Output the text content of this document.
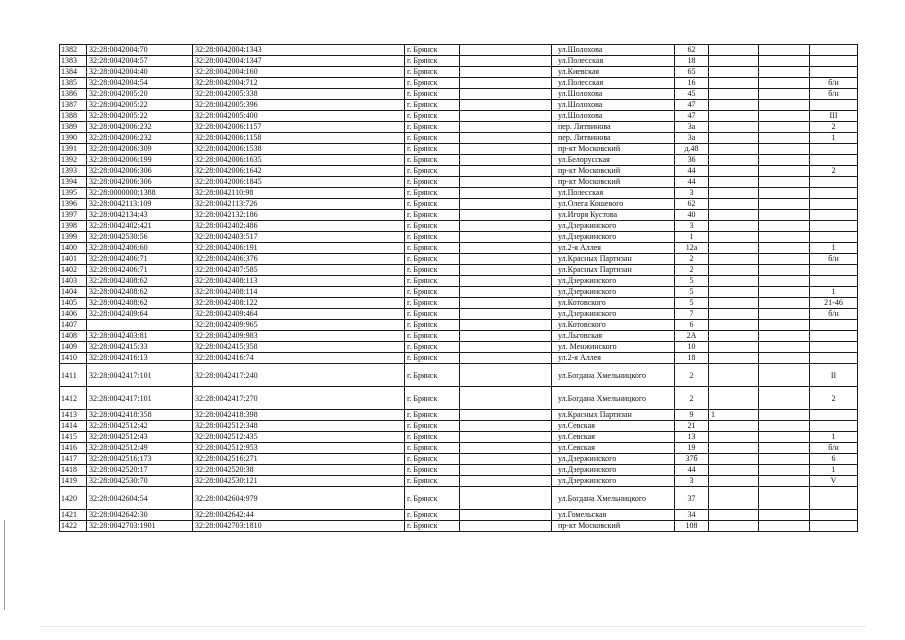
1382	32:28:0042004:70	32:28:0042004:1343	г. Брянск		ул.Шолохова	62			
1383	32:28:0042004:57	32:28:0042004:1347	г. Брянск		ул.Полесская	18			
1384	32:28:0042004:40	32:28:0042004:160	г. Брянск		ул.Киевская	65			
1385	32:28:0042004:54	32:28:0042004:712	г. Брянск		ул.Полесская	16			б/н
1386	32:28:0042005:20	32:28:0042005:338	г. Брянск		ул.Шолохова	45			б/н
1387	32:28:0042005:22	32:28:0042005:396	г. Брянск		ул.Шолохова	47			
1388	32:28:0042005:22	32:28:0042005:400	г. Брянск		ул.Шолохова	47			III
1389	32:28:0042006:232	32:28:0042006:1157	г. Брянск		пер. Литвинова	3а			2
1390	32:28:0042006:232	32:28:0042006:1158	г. Брянск		пер. Литвинова	3а			1
1391	32:28:0042006:309	32:28:0042006:1538	г. Брянск		пр-кт Московский	д.48			
1392	32:28:0042006:199	32:28:0042006:1635	г. Брянск		ул.Белорусская	36			
1393	32:28:0042006:306	32:28:0042006:1642	г. Брянск		пр-кт Московский	44			2
1394	32:28:0042006:306	32:28:0042006:1845	г. Брянск		пр-кт Московский	44			
1395	32:28:0000000:1388	32:28:0042110:98	г. Брянск		ул.Полесская	3			
1396	32:28:0042113:109	32:28:0042113:726	г. Брянск		ул.Олега Кошевого	62			
1397	32:28:0042134:43	32:28:0042132:186	г. Брянск		ул.Игоря Кустова	40			
1398	32:28:0042402:421	32:28:0042402:486	г. Брянск		ул.Дзержинского	3			
1399	32:28:0042530:56	32:28:0042403:517	г. Брянск		ул.Дзержинского	1			
1400	32:28:0042406:60	32:28:0042406:191	г. Брянск		ул.2-я Аллея	12а			1
1401	32:28:0042406:71	32:28:0042406:376	г. Брянск		ул.Красных Партизан	2			б/н
1402	32:28:0042406:71	32:28:0042407:585	г. Брянск		ул.Красных Партизан	2			
1403	32:28:0042408:62	32:28:0042408:113	г. Брянск		ул.Дзержинского	5			
1404	32:28:0042408:62	32:28:0042408:114	г. Брянск		ул.Дзержинского	5			1
1405	32:28:0042408:62	32:28:0042408:122	г. Брянск		ул.Котовского	5			21-46
1406	32:28:0042409:64	32:28:0042409:464	г. Брянск		ул.Дзержинского	7			б/н
1407		32:28:0042409:965	г. Брянск		ул.Котовского	6			
1408	32:28:0042403:81	32:28:0042409:983	г. Брянск		ул.Льговская	2А			
1409	32:28:0042415:33	32:28:0042415:358	г. Брянск		ул. Менжинского	10			
1410	32:28:0042416:13	32:28:0042416:74	г. Брянск		ул.2-я Аллея	18			
1411	32:28:0042417:101	32:28:0042417:240	г. Брянск		ул.Богдана Хмельницкого	2			II
1412	32:28:0042417:101	32:28:0042417:270	г. Брянск		ул.Богдана Хмельницкого	2			2
1413	32:28:0042418:358	32:28:0042418:398	г. Брянск		ул.Красных Партизан	9	1		
1414	32:28:0042512:42	32:28:0042512:348	г. Брянск		ул.Севская	21			
1415	32:28:0042512:43	32:28:0042512:435	г. Брянск		ул.Севская	13			1
1416	32:28:0042512:49	32:28:0042512:953	г. Брянск		ул.Севская	19			б/н
1417	32:28:0042516:173	32:28:0042516:271	г. Брянск		ул.Дзержинского	37б			6
1418	32:28:0042520:17	32:28:0042520:38	г. Брянск		ул.Дзержинского	44			1
1419	32:28:0042530:70	32:28:0042530:121	г. Брянск		ул.Дзержинского	3			V
1420	32:28:0042604:54	32:28:0042604:979	г. Брянск		ул.Богдана Хмельницкого	37			
1421	32:28:0042642:30	32:28:0042642:44	г. Брянск		ул.Гомельская	34			
1422	32:28:0042703:1901	32:28:0042703:1810	г. Брянск		пр-кт Московский	108			
